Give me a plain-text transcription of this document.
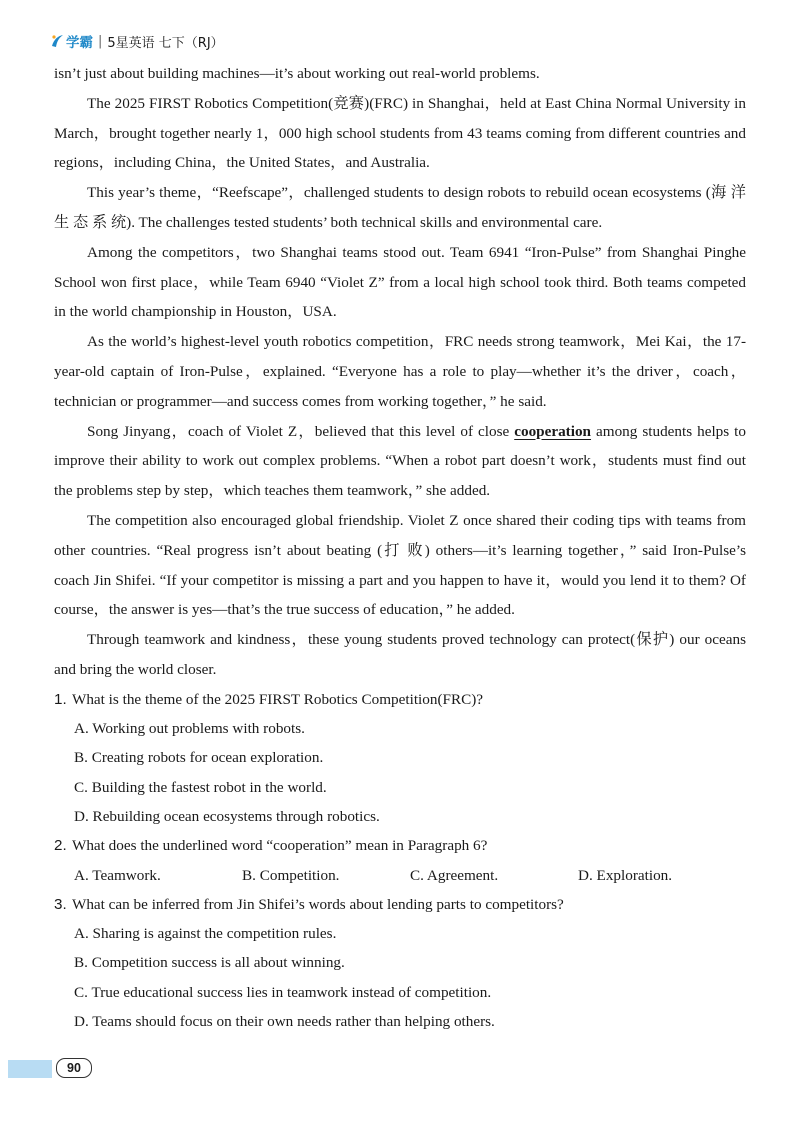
学霸 | 5星英语 七下（RJ）

isn’t just about building machines—it’s about working out real-world problems.

The 2025 FIRST Robotics Competition(竞赛)(FRC) in Shanghai，held at East China Normal University in March，brought together nearly 1，000 high school students from 43 teams coming from different countries and regions，including China，the United States，and Australia.

This year’s theme，“Reefscape”，challenged students to design robots to rebuild ocean ecosystems (海 洋 生 态 系 统). The challenges tested students’ both technical skills and environmental care.

Among the competitors，two Shanghai teams stood out. Team 6941 “Iron-Pulse” from Shanghai Pinghe School won first place，while Team 6940 “Violet Z” from a local high school took third. Both teams competed in the world championship in Houston，USA.

As the world’s highest-level youth robotics competition，FRC needs strong teamwork，Mei Kai，the 17-year-old captain of Iron-Pulse，explained. “Everyone has a role to play—whether it’s the driver，coach，technician or programmer—and success comes from working together，” he said.

Song Jinyang，coach of Violet Z，believed that this level of close cooperation among students helps to improve their ability to work out complex problems. “When a robot part doesn’t work，students must find out the problems step by step，which teaches them teamwork，” she added.

The competition also encouraged global friendship. Violet Z once shared their coding tips with teams from other countries. “Real progress isn’t about beating (打 败) others—it’s learning together，” said Iron-Pulse’s coach Jin Shifei. “If your competitor is missing a part and you happen to have it，would you lend it to them? Of course，the answer is yes—that’s the true success of education，” he added.

Through teamwork and kindness，these young students proved technology can protect(保护) our oceans and bring the world closer.

1. What is the theme of the 2025 FIRST Robotics Competition(FRC)?
A. Working out problems with robots.
B. Creating robots for ocean exploration.
C. Building the fastest robot in the world.
D. Rebuilding ocean ecosystems through robotics.
2. What does the underlined word “cooperation” mean in Paragraph 6?
A. Teamwork.	B. Competition.	C. Agreement.	D. Exploration.
3. What can be inferred from Jin Shifei’s words about lending parts to competitors?
A. Sharing is against the competition rules.
B. Competition success is all about winning.
C. True educational success lies in teamwork instead of competition.
D. Teams should focus on their own needs rather than helping others.
90
